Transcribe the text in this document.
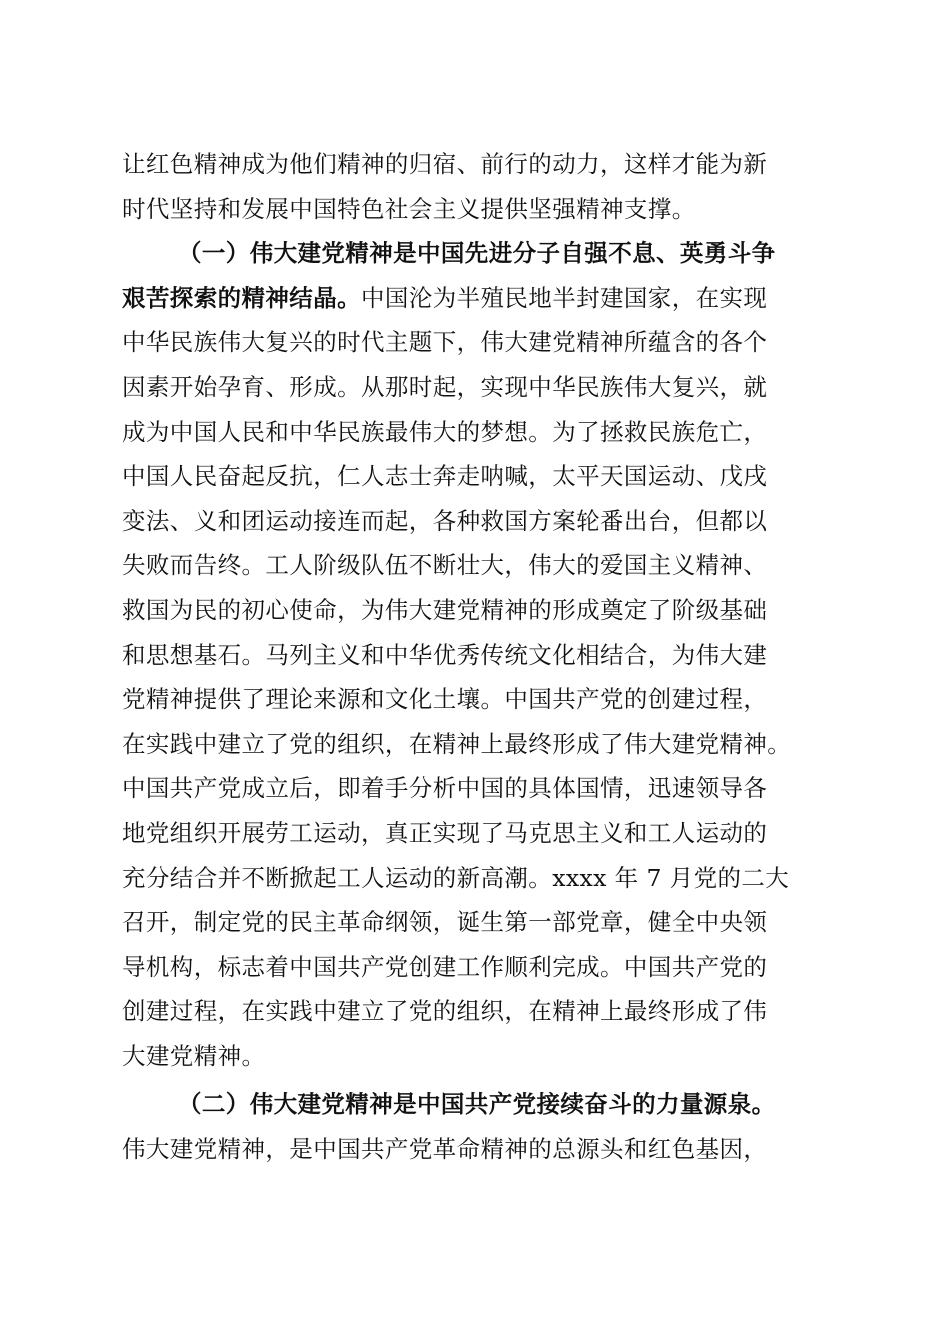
让红色精神成为他们精神的归宿、前行的动力，这样才能为新
时代坚持和发展中国特色社会主义提供坚强精神支撑。
（一）伟大建党精神是中国先进分子自强不息、英勇斗争
艰苦探索的精神结晶。中国沦为半殖民地半封建国家，在实现
中华民族伟大复兴的时代主题下，伟大建党精神所蕴含的各个
因素开始孕育、形成。从那时起，实现中华民族伟大复兴，就
成为中国人民和中华民族最伟大的梦想。为了拯救民族危亡，
中国人民奋起反抗，仁人志士奔走呐喊，太平天国运动、戊戌
变法、义和团运动接连而起，各种救国方案轮番出台，但都以
失败而告终。工人阶级队伍不断壮大，伟大的爱国主义精神、
救国为民的初心使命，为伟大建党精神的形成奠定了阶级基础
和思想基石。马列主义和中华优秀传统文化相结合，为伟大建
党精神提供了理论来源和文化土壤。中国共产党的创建过程，
在实践中建立了党的组织，在精神上最终形成了伟大建党精神。
中国共产党成立后，即着手分析中国的具体国情，迅速领导各
地党组织开展劳工运动，真正实现了马克思主义和工人运动的
充分结合并不断掀起工人运动的新高潮。xxxx 年 7 月党的二大
召开，制定党的民主革命纲领，诞生第一部党章，健全中央领
导机构，标志着中国共产党创建工作顺利完成。中国共产党的
创建过程，在实践中建立了党的组织，在精神上最终形成了伟
大建党精神。
（二）伟大建党精神是中国共产党接续奋斗的力量源泉。
伟大建党精神，是中国共产党革命精神的总源头和红色基因，
